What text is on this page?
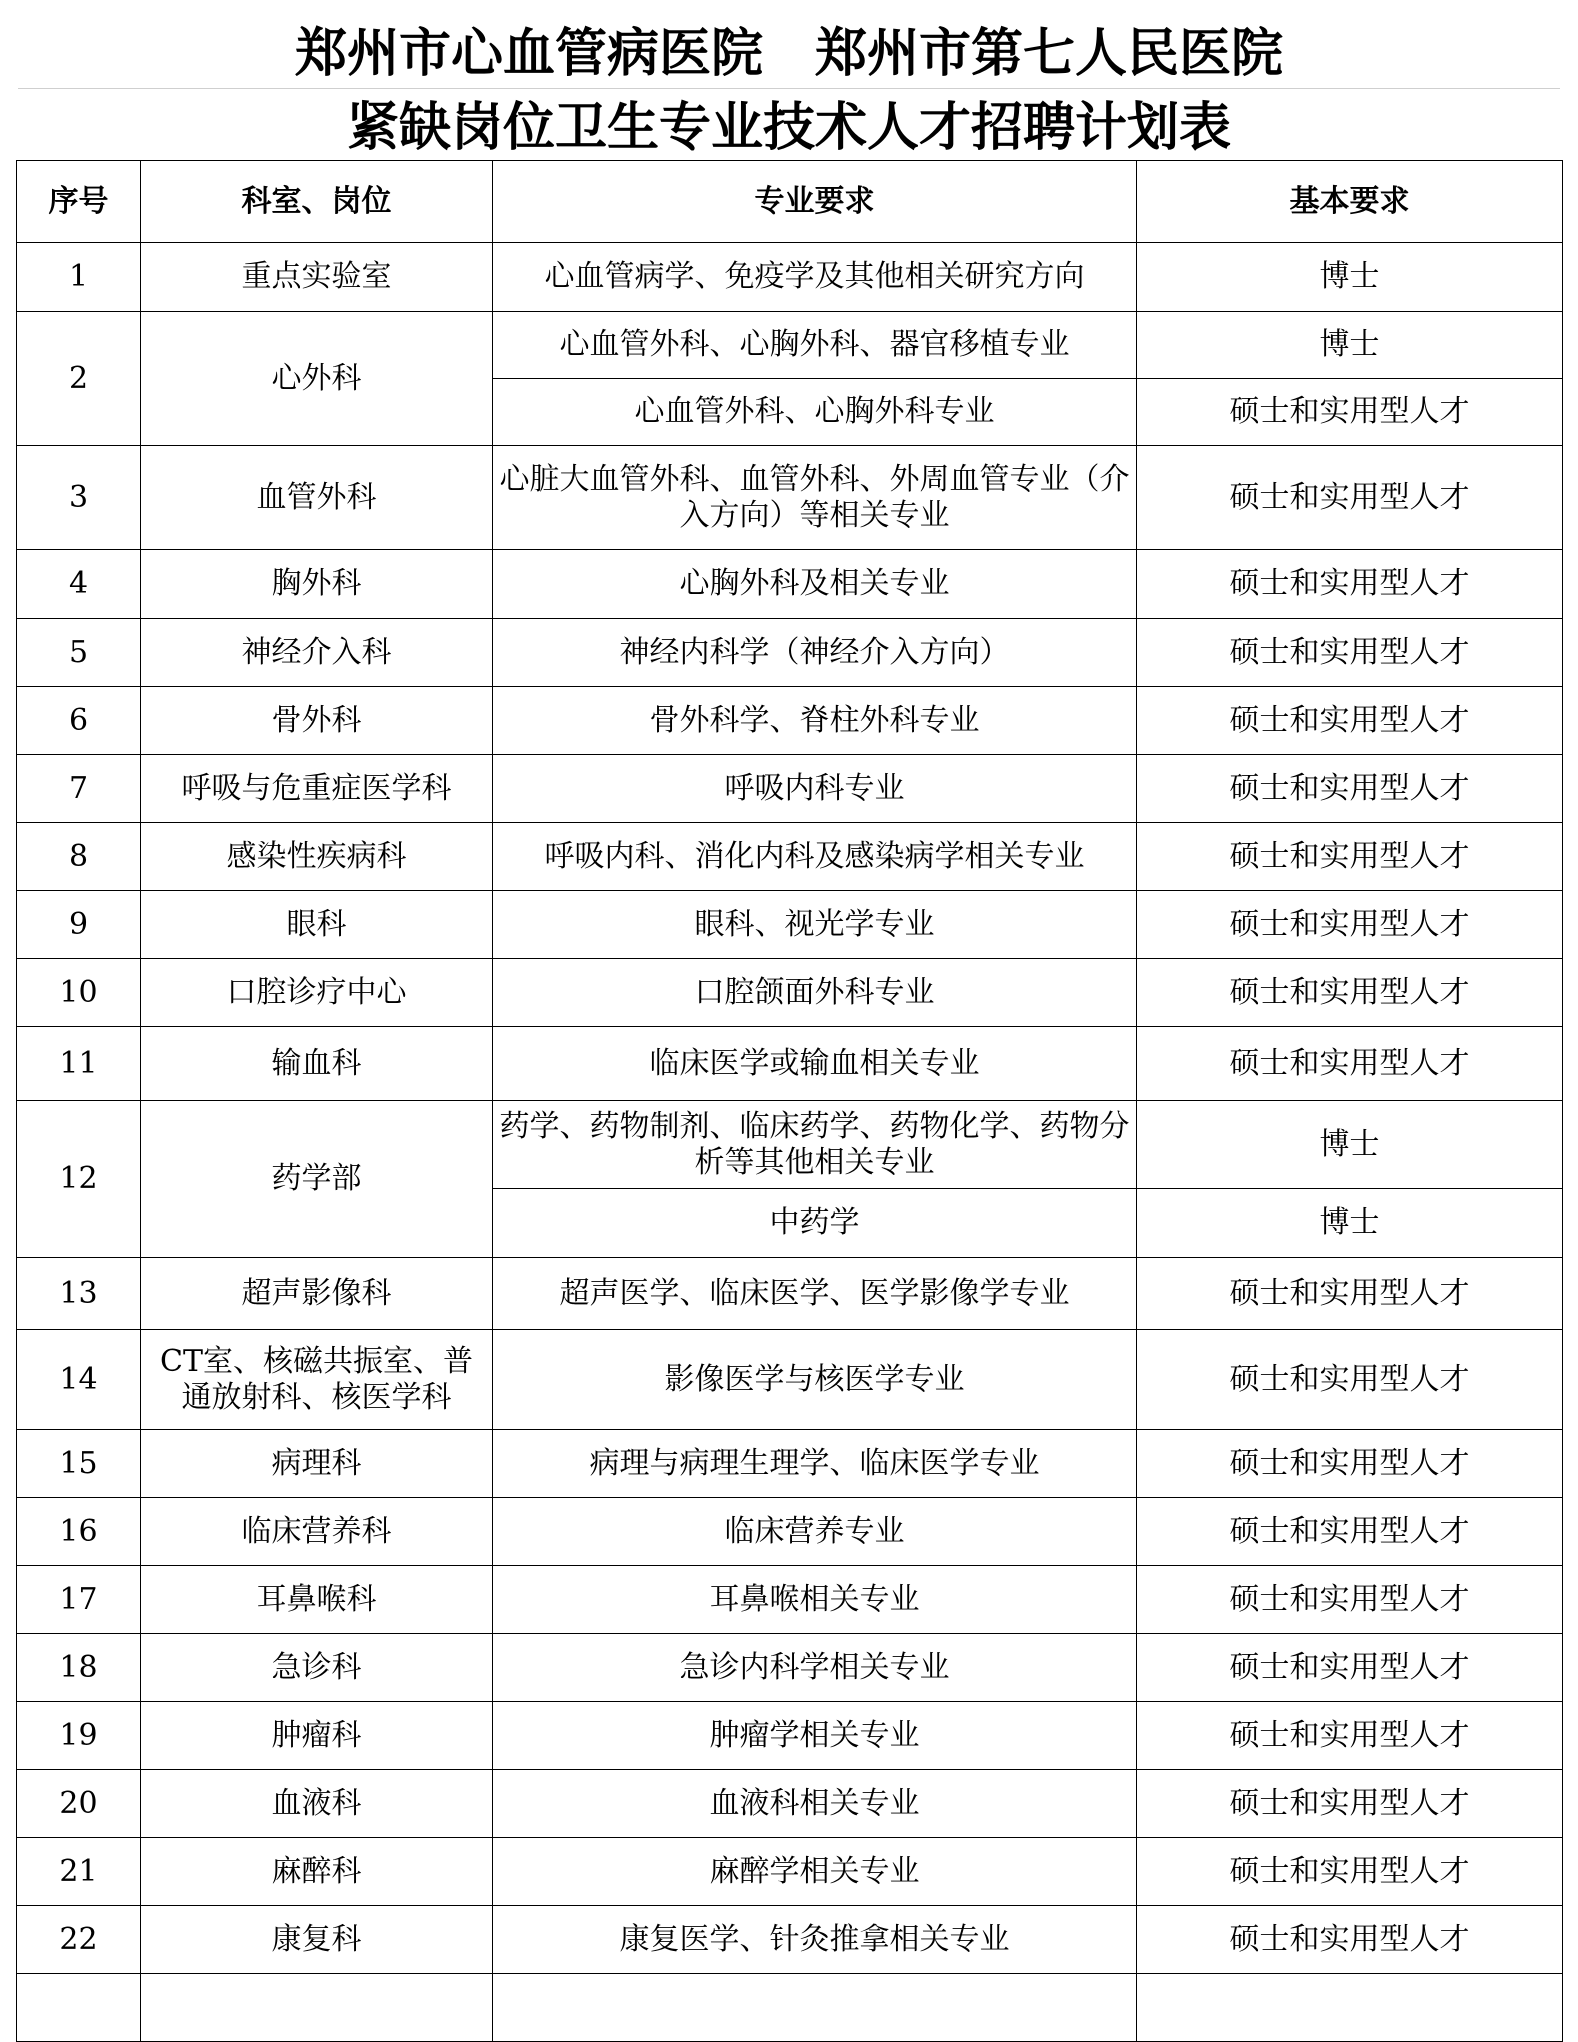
郑州市心血管病医院　郑州市第七人民医院
紧缺岗位卫生专业技术人才招聘计划表
序号	科室、岗位	专业要求	基本要求
1	重点实验室	心血管病学、免疫学及其他相关研究方向	博士
2	心外科	心血管外科、心胸外科、器官移植专业	博士
		心血管外科、心胸外科专业	硕士和实用型人才
3	血管外科	心脏大血管外科、血管外科、外周血管专业（介入方向）等相关专业	硕士和实用型人才
4	胸外科	心胸外科及相关专业	硕士和实用型人才
5	神经介入科	神经内科学（神经介入方向）	硕士和实用型人才
6	骨外科	骨外科学、脊柱外科专业	硕士和实用型人才
7	呼吸与危重症医学科	呼吸内科专业	硕士和实用型人才
8	感染性疾病科	呼吸内科、消化内科及感染病学相关专业	硕士和实用型人才
9	眼科	眼科、视光学专业	硕士和实用型人才
10	口腔诊疗中心	口腔颌面外科专业	硕士和实用型人才
11	输血科	临床医学或输血相关专业	硕士和实用型人才
12	药学部	药学、药物制剂、临床药学、药物化学、药物分析等其他相关专业	博士
		中药学	博士
13	超声影像科	超声医学、临床医学、医学影像学专业	硕士和实用型人才
14	CT室、核磁共振室、普通放射科、核医学科	影像医学与核医学专业	硕士和实用型人才
15	病理科	病理与病理生理学、临床医学专业	硕士和实用型人才
16	临床营养科	临床营养专业	硕士和实用型人才
17	耳鼻喉科	耳鼻喉相关专业	硕士和实用型人才
18	急诊科	急诊内科学相关专业	硕士和实用型人才
19	肿瘤科	肿瘤学相关专业	硕士和实用型人才
20	血液科	血液科相关专业	硕士和实用型人才
21	麻醉科	麻醉学相关专业	硕士和实用型人才
22	康复科	康复医学、针灸推拿相关专业	硕士和实用型人才
